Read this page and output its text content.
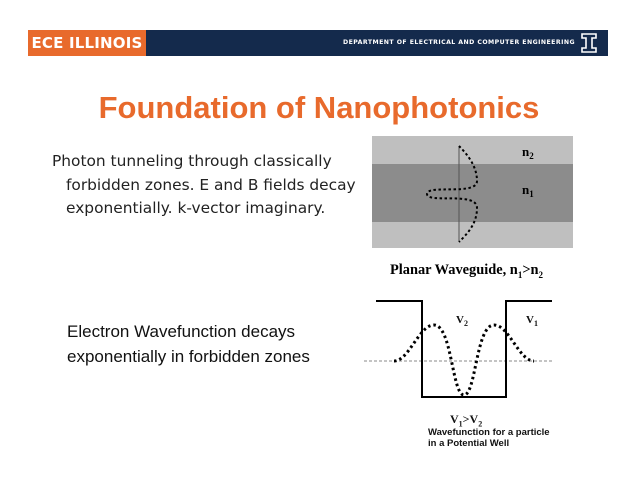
ECE ILLINOIS	DEPARTMENT OF ELECTRICAL AND COMPUTER ENGINEERING
Foundation of Nanophotonics

Photon tunneling through classically forbidden zones. E and B fields decay exponentially. k-vector imaginary.

Electron Wavefunction decays exponentially in forbidden zones

$n_2$
$n_1$
Planar Waveguide, $n_1>n_2$
$V_2$	$V_1$
$V_1>V_2$
Wavefunction for a particle
in a Potential Well
